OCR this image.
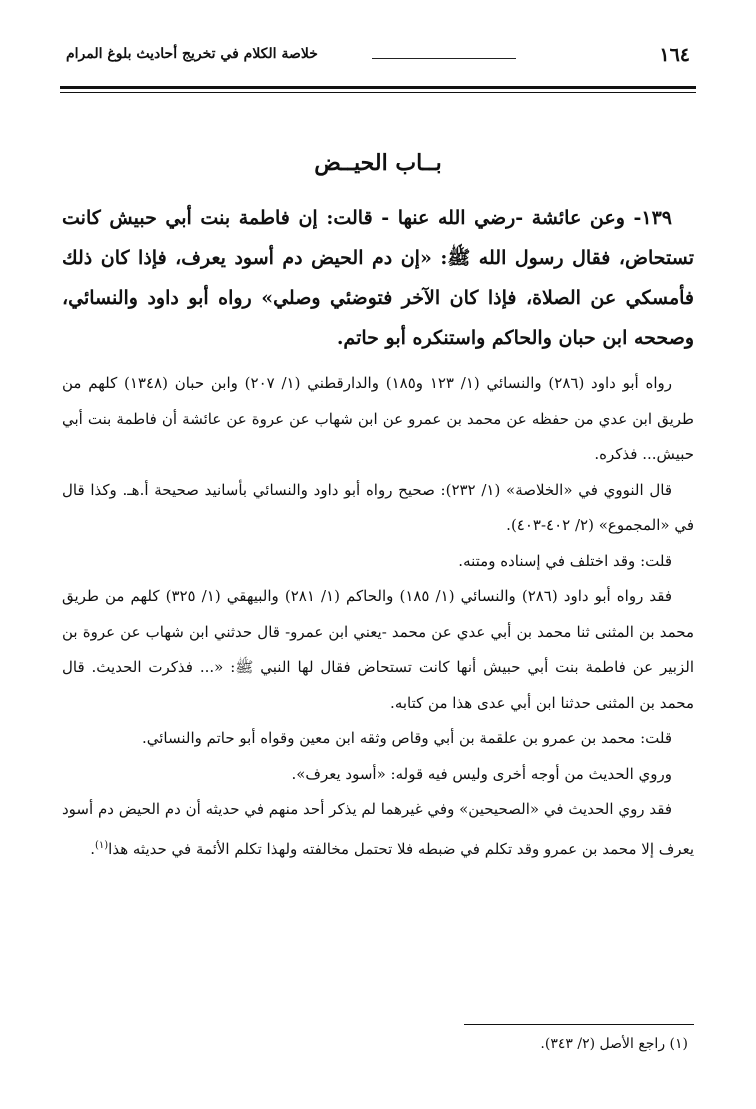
١٦٤
خلاصة الكلام في تخريج أحاديث بلوغ المرام
بــاب الحيــض

١٣٩- وعن عائشة -رضي الله عنها - قالت: إن فاطمة بنت أبي حبيش كانت تستحاض، فقال رسول الله ﷺ: «إن دم الحيض دم أسود يعرف، فإذا كان ذلك فأمسكي عن الصلاة، فإذا كان الآخر فتوضئي وصلي» رواه أبو داود والنسائي، وصححه ابن حبان والحاكم واستنكره أبو حاتم.

رواه أبو داود (٢٨٦) والنسائي (١/ ١٢٣ و١٨٥) والدارقطني (١/ ٢٠٧) وابن حبان (١٣٤٨) كلهم من طريق ابن عدي من حفظه عن محمد بن عمرو عن ابن شهاب عن عروة عن عائشة أن فاطمة بنت أبي حبيش... فذكره.

قال النووي في «الخلاصة» (١/ ٢٣٢): صحيح رواه أبو داود والنسائي بأسانيد صحيحة أ.هـ. وكذا قال في «المجموع» (٢/ ٤٠٢-٤٠٣).

قلت: وقد اختلف في إسناده ومتنه.

فقد رواه أبو داود (٢٨٦) والنسائي (١/ ١٨٥) والحاكم (١/ ٢٨١) والبيهقي (١/ ٣٢٥) كلهم من طريق محمد بن المثنى ثنا محمد بن أبي عدي عن محمد -يعني ابن عمرو- قال حدثني ابن شهاب عن عروة بن الزبير عن فاطمة بنت أبي حبيش أنها كانت تستحاض فقال لها النبي ﷺ: «... فذكرت الحديث. قال محمد بن المثنى حدثنا ابن أبي عدى هذا من كتابه.

قلت: محمد بن عمرو بن علقمة بن أبي وقاص وثقه ابن معين وقواه أبو حاتم والنسائي.

وروي الحديث من أوجه أخرى وليس فيه قوله: «أسود يعرف».

فقد روي الحديث في «الصحيحين» وفي غيرهما لم يذكر أحد منهم في حديثه أن دم الحيض دم أسود يعرف إلا محمد بن عمرو وقد تكلم في ضبطه فلا تحتمل مخالفته ولهذا تكلم الأئمة في حديثه هذا$^{(١)}$.

(١) راجع الأصل (٢/ ٣٤٣).
